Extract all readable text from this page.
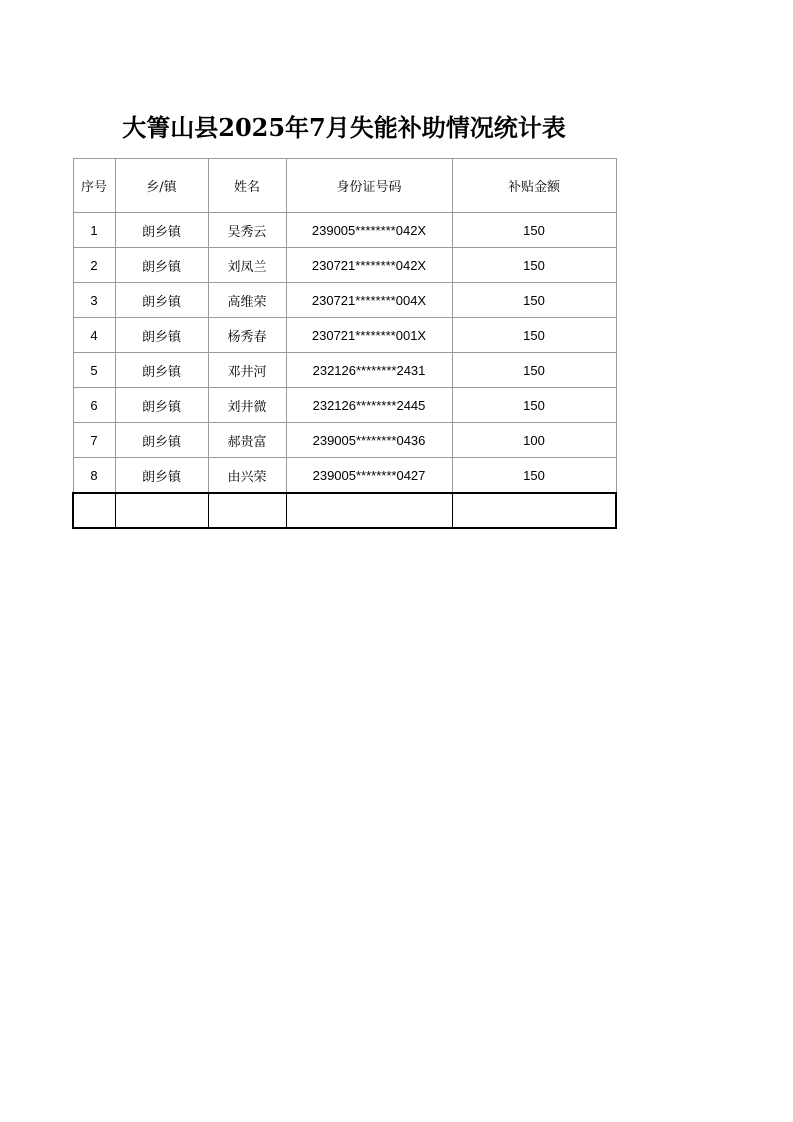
大箐山县2025年7月失能补助情况统计表
序号	乡/镇	姓名	身份证号码	补贴金额
1	朗乡镇	吴秀云	239005********042X	150
2	朗乡镇	刘凤兰	230721********042X	150
3	朗乡镇	高维荣	230721********004X	150
4	朗乡镇	杨秀春	230721********001X	150
5	朗乡镇	邓井河	232126********2431	150
6	朗乡镇	刘井微	232126********2445	150
7	朗乡镇	郝贵富	239005********0436	100
8	朗乡镇	由兴荣	239005********0427	150
